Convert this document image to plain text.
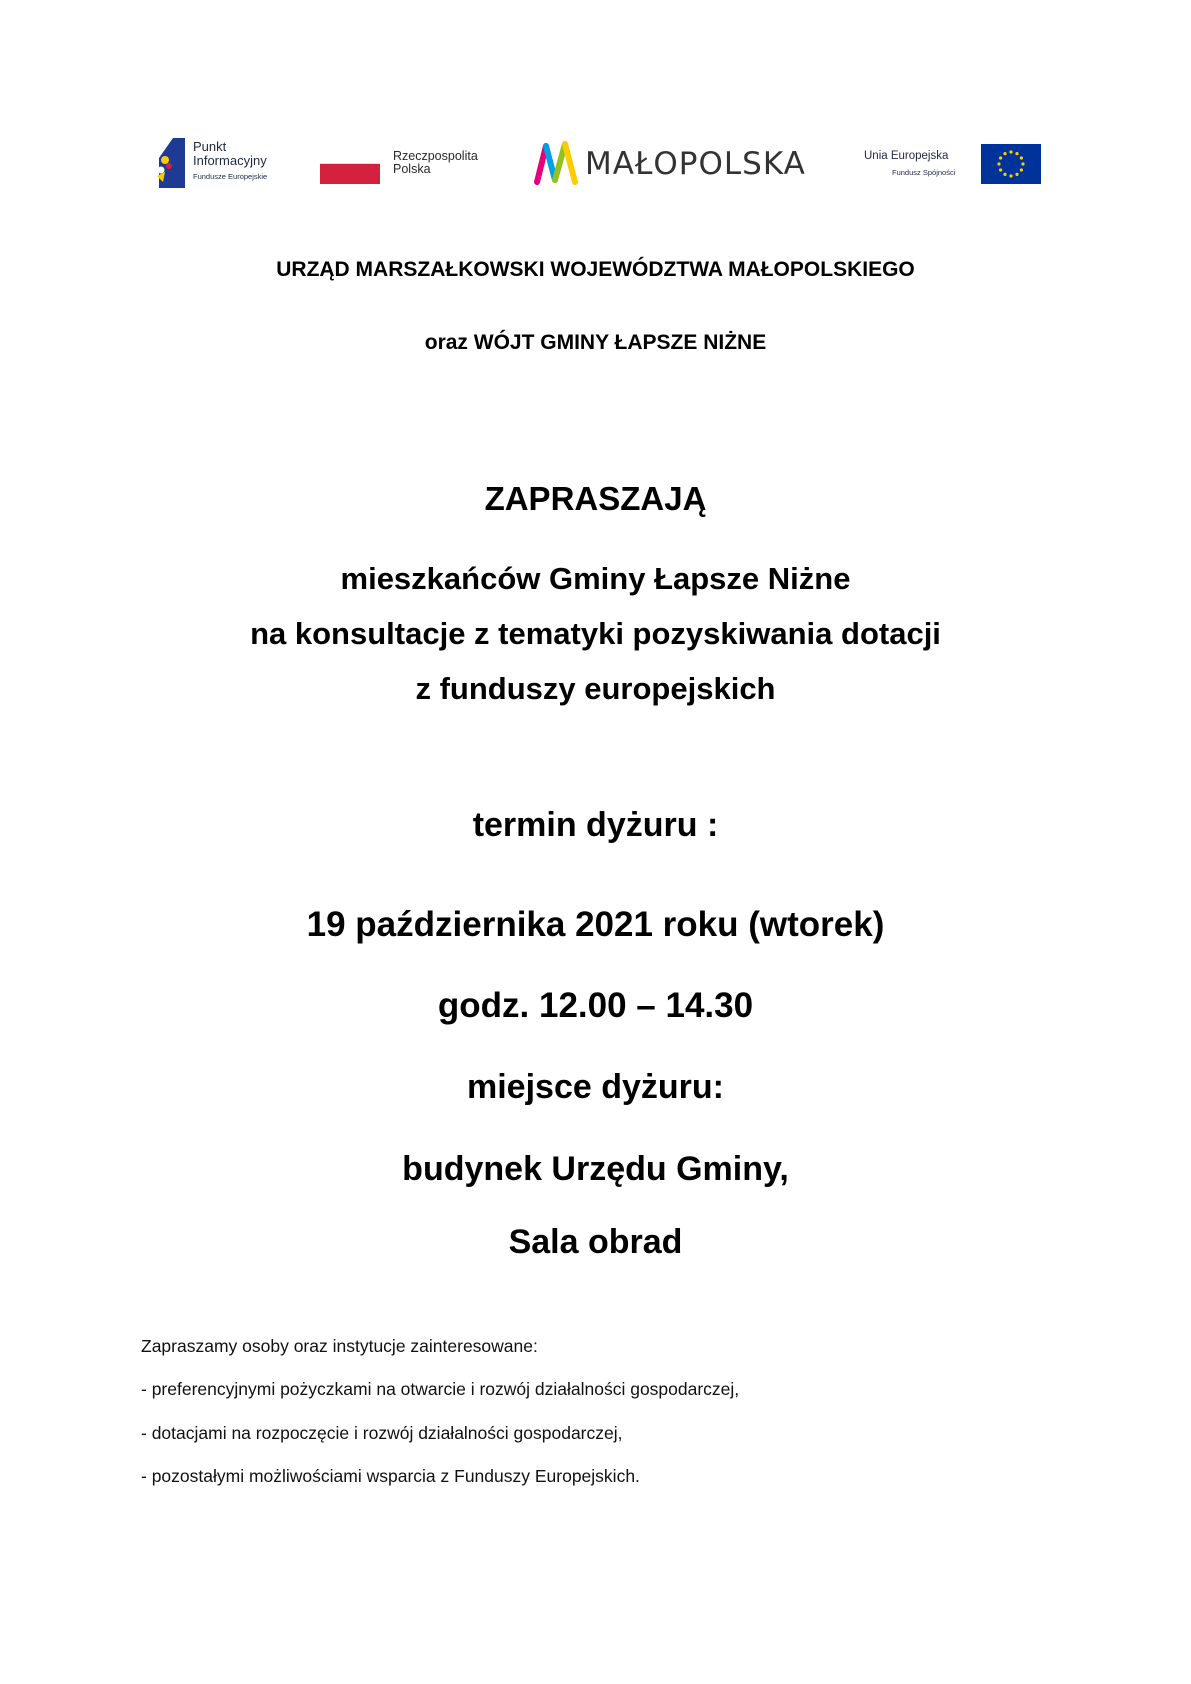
Punkt
Informacyjny
Fundusze Europejskie
Rzeczpospolita
Polska	MAŁOPOLSKA	Unia Europejska
Fundusz Spójności
URZĄD MARSZAŁKOWSKI WOJEWÓDZTWA MAŁOPOLSKIEGO
oraz WÓJT GMINY ŁAPSZE NIŻNE
ZAPRASZAJĄ
mieszkańców Gminy Łapsze Niżne
na konsultacje z tematyki pozyskiwania dotacji
z funduszy europejskich
termin dyżuru :
19 października 2021 roku (wtorek)
godz. 12.00 – 14.30
miejsce dyżuru:
budynek Urzędu Gminy,
Sala obrad
Zapraszamy osoby oraz instytucje zainteresowane:
- preferencyjnymi pożyczkami na otwarcie i rozwój działalności gospodarczej,
- dotacjami na rozpoczęcie i rozwój działalności gospodarczej,
- pozostałymi możliwościami wsparcia z Funduszy Europejskich.
